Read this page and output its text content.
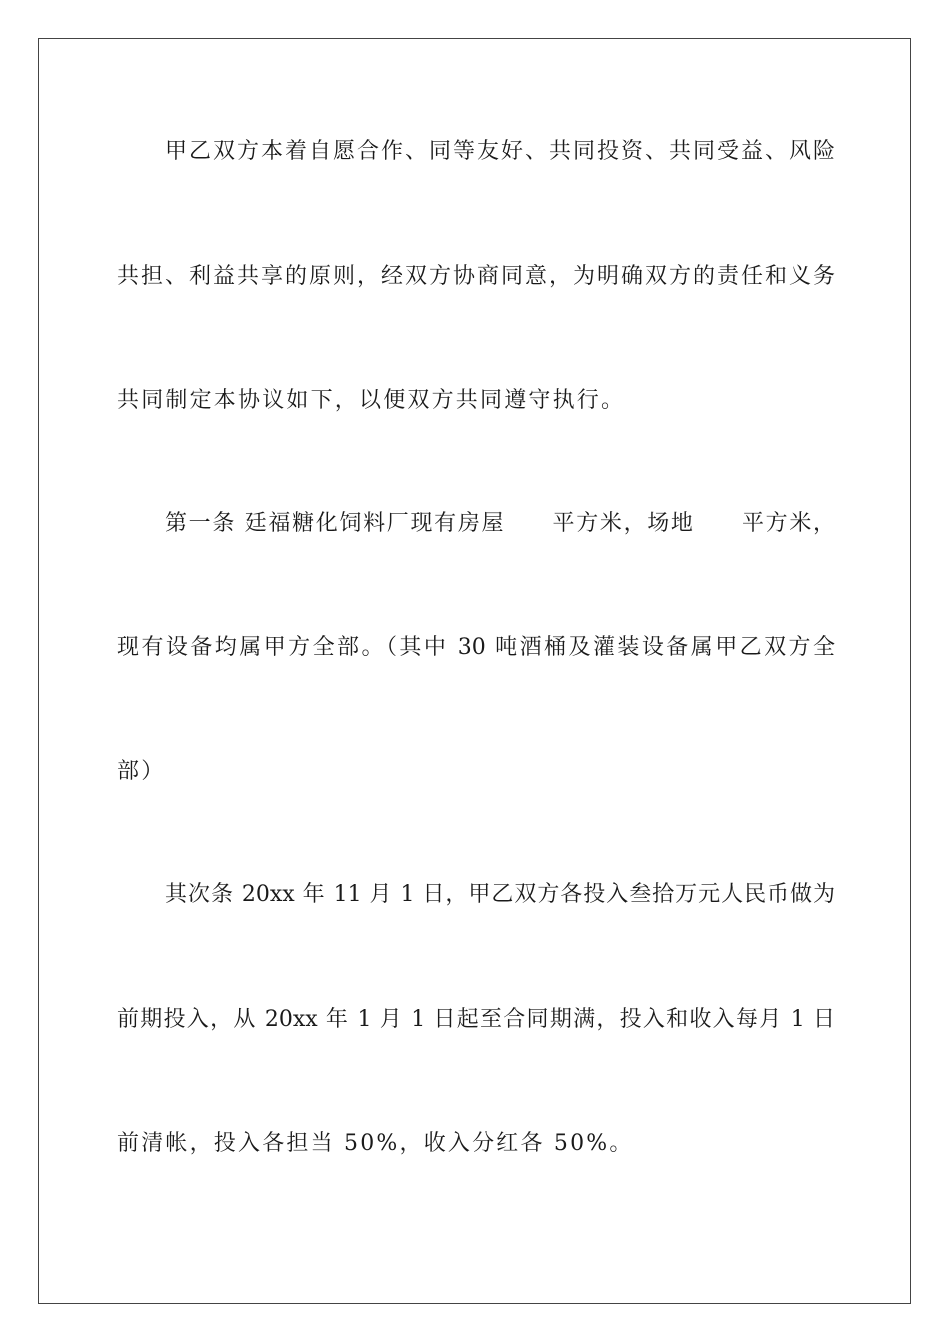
甲乙双方本着自愿合作、同等友好、共同投资、共同受益、风险
共担、利益共享的原则，经双方协商同意，为明确双方的责任和义务
共同制定本协议如下，以便双方共同遵守执行。
第一条 廷福糖化饲料厂现有房屋　　平方米，场地　　平方米，
现有设备均属甲方全部。（其中 30 吨酒桶及灌装设备属甲乙双方全
部）
其次条 20xx 年 11 月 1 日，甲乙双方各投入叁拾万元人民币做为
前期投入，从 20xx 年 1 月 1 日起至合同期满，投入和收入每月 1 日
前清帐，投入各担当 50%，收入分红各 50%。
